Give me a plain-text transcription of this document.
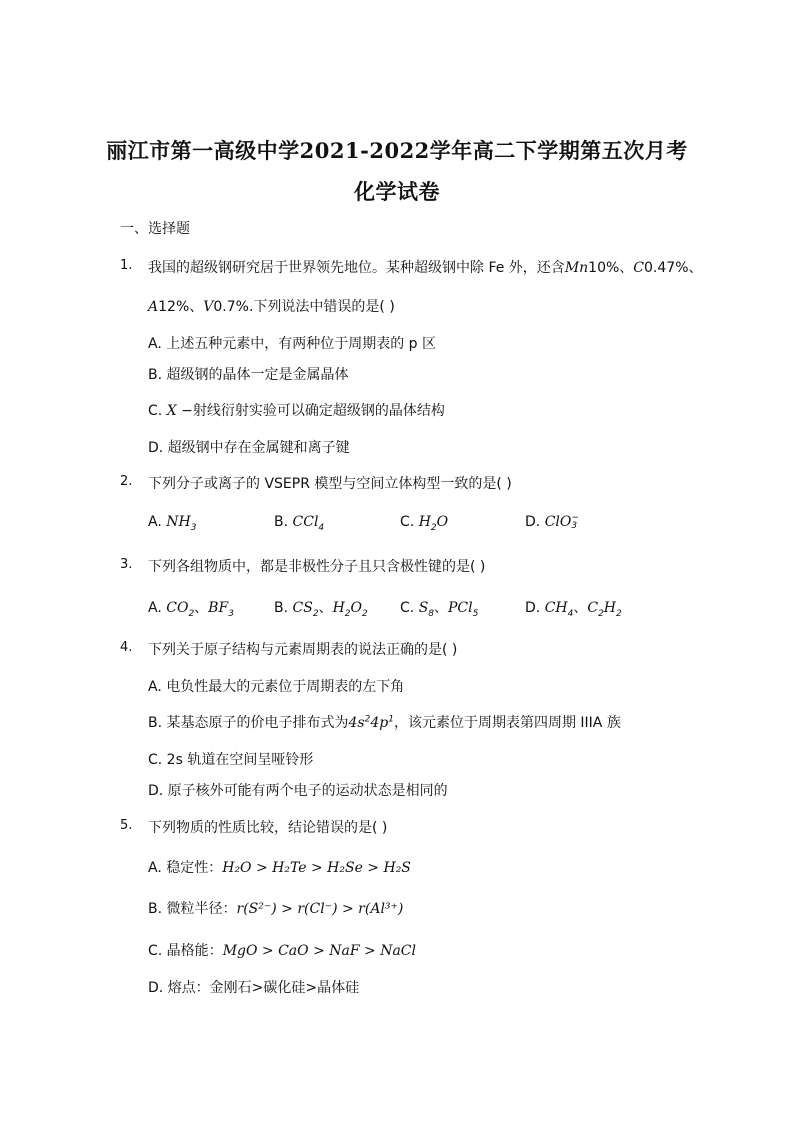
丽江市第一高级中学2021-2022学年高二下学期第五次月考
化学试卷
一、选择题
1. 我国的超级钢研究居于世界领先地位。某种超级钢中除 Fe 外，还含Mn10%、C0.47%、
A12%、V0.7%.下列说法中错误的是( )
A. 上述五种元素中，有两种位于周期表的 p 区
B. 超级钢的晶体一定是金属晶体
C. X −射线衍射实验可以确定超级钢的晶体结构
D. 超级钢中存在金属键和离子键
2. 下列分子或离子的 VSEPR 模型与空间立体构型一致的是( )
A. $NH_3$	B. CCl$_4$	C. $H_2O$	D. ClO−
3
3. 下列各组物质中，都是非极性分子且只含极性键的是( )
A. $CO_2$、$BF_3$	B. $CS_2$、$H_2O_2$ C. $S_8$、PCl$_5$	D. $CH_4$、$C_2H_2$
4. 下列关于原子结构与元素周期表的说法正确的是( )
A. 电负性最大的元素位于周期表的左下角
B. 某基态原子的价电子排布式为$4s^24p^1$，该元素位于周期表第四周期 IIIA 族
C. 2s 轨道在空间呈哑铃形
D. 原子核外可能有两个电子的运动状态是相同的
5. 下列物质的性质比较，结论错误的是( )
A. 稳定性：H₂O > H₂Te > H₂Se > H₂S
B. 微粒半径：r(S²⁻) > r(Cl⁻) > r(Al³⁺)
C. 晶格能：MgO > CaO > NaF > NaCl
D. 熔点：金刚石>碳化硅>晶体硅
